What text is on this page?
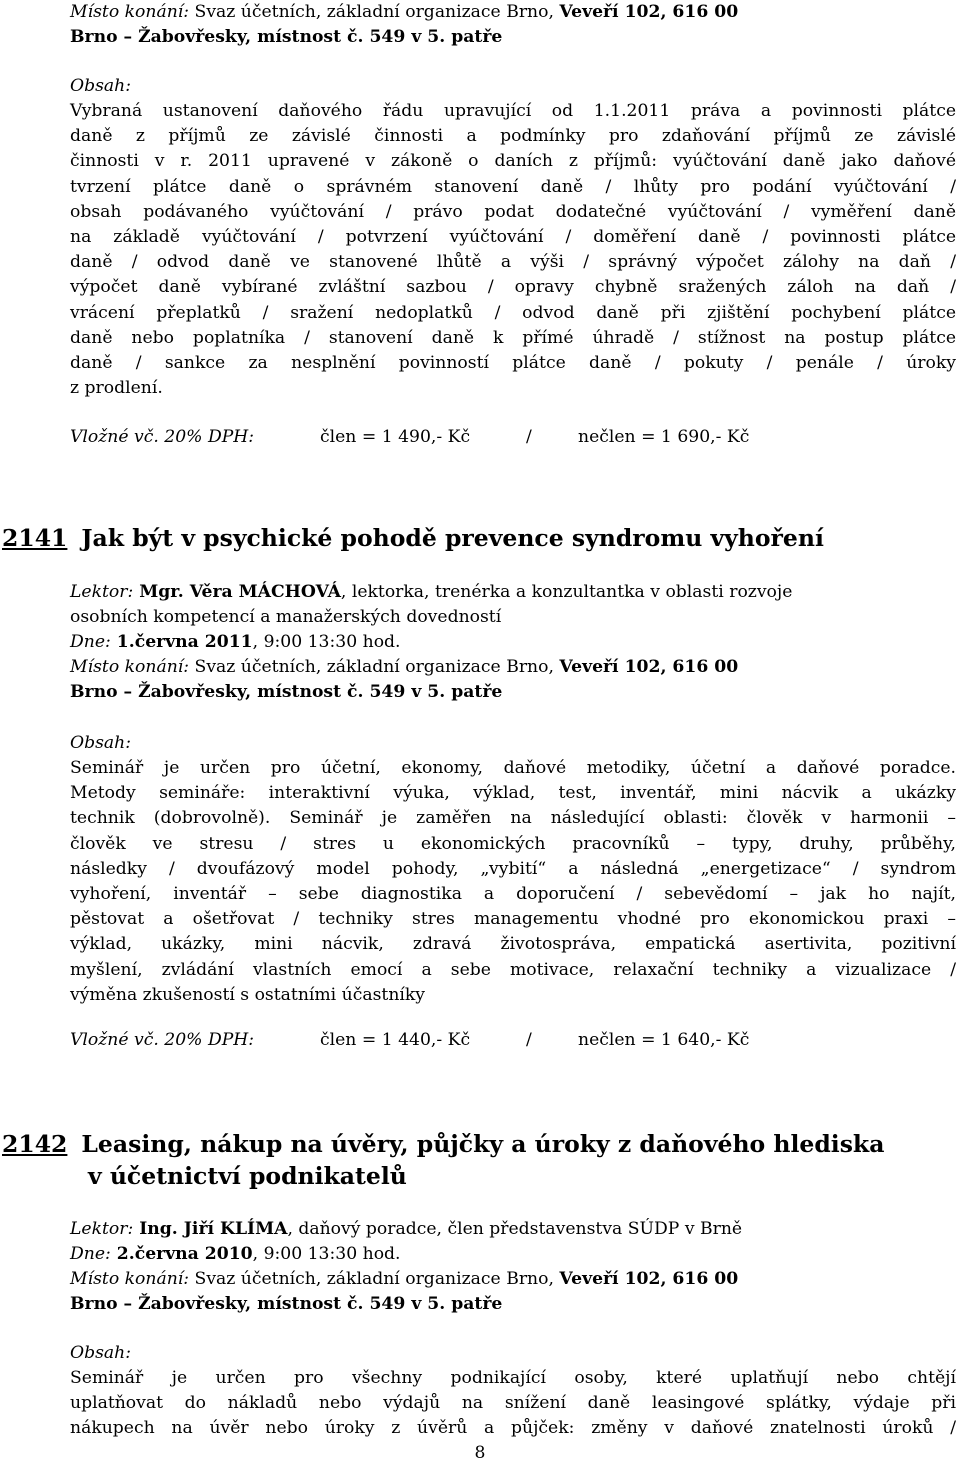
Místo konání: Svaz účetních, základní organizace Brno, Veveří 102, 616 00
Brno – Žabovřesky, místnost č. 549 v 5. patře
Obsah:
Vybraná ustanovení daňového řádu upravující od 1.1.2011 práva a povinnosti plátce
daně z příjmů ze závislé činnosti a podmínky pro zdaňování příjmů ze závislé
činnosti v r. 2011 upravené v zákoně o daních z příjmů: vyúčtování daně jako daňové
tvrzení plátce daně o správném stanovení daně / lhůty pro podání vyúčtování /
obsah podávaného vyúčtování / právo podat dodatečné vyúčtování / vyměření daně
na základě vyúčtování / potvrzení vyúčtování / doměření daně / povinnosti plátce
daně / odvod daně ve stanovené lhůtě a výši / správný výpočet zálohy na daň /
výpočet daně vybírané zvláštní sazbou / opravy chybně sražených záloh na daň /
vrácení přeplatků / sražení nedoplatků / odvod daně při zjištění pochybení plátce
daně nebo poplatníka / stanovení daně k přímé úhradě / stížnost na postup plátce
daně / sankce za nesplnění povinností plátce daně / pokuty / penále / úroky
z prodlení.
Vložné vč. 20% DPH:	člen = 1 490,- Kč	/	nečlen = 1 690,- Kč
2141 Jak být v psychické pohodě prevence syndromu vyhoření
Lektor: Mgr. Věra MÁCHOVÁ, lektorka, trenérka a konzultantka v oblasti rozvoje
osobních kompetencí a manažerských dovedností
Dne: 1.června 2011, 9:00 13:30 hod.
Místo konání: Svaz účetních, základní organizace Brno, Veveří 102, 616 00
Brno – Žabovřesky, místnost č. 549 v 5. patře
Obsah:
Seminář je určen pro účetní, ekonomy, daňové metodiky, účetní a daňové poradce.
Metody semináře: interaktivní výuka, výklad, test, inventář, mini nácvik a ukázky
technik (dobrovolně). Seminář je zaměřen na následující oblasti: člověk v harmonii –
člověk ve stresu / stres u ekonomických pracovníků – typy, druhy, průběhy,
následky / dvoufázový model pohody, „vybití“ a následná „energetizace“ / syndrom
vyhoření, inventář – sebe diagnostika a doporučení / sebevědomí – jak ho najít,
pěstovat a ošetřovat / techniky stres managementu vhodné pro ekonomickou praxi –
výklad, ukázky, mini nácvik, zdravá životospráva, empatická asertivita, pozitivní
myšlení, zvládání vlastních emocí a sebe motivace, relaxační techniky a vizualizace /
výměna zkušeností s ostatními účastníky
Vložné vč. 20% DPH:	člen = 1 440,- Kč	/	nečlen = 1 640,- Kč
2142 Leasing, nákup na úvěry, půjčky a úroky z daňového hlediska
v účetnictví podnikatelů
Lektor: Ing. Jiří KLÍMA, daňový poradce, člen představenstva SÚDP v Brně
Dne: 2.června 2010, 9:00 13:30 hod.
Místo konání: Svaz účetních, základní organizace Brno, Veveří 102, 616 00
Brno – Žabovřesky, místnost č. 549 v 5. patře
Obsah:
Seminář je určen pro všechny podnikající osoby, které uplatňují nebo chtějí
uplatňovat do nákladů nebo výdajů na snížení daně leasingové splátky, výdaje při
nákupech na úvěr nebo úroky z úvěrů a půjček: změny v daňové znatelnosti úroků /
8
